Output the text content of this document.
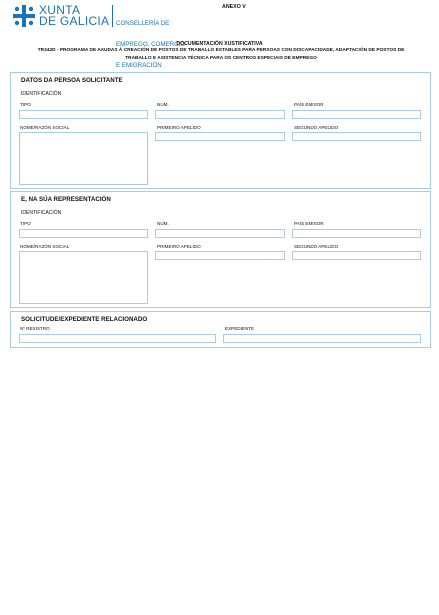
XUNTA
DE GALICIA

CONSELLERÍA DE

EMPREGO, COMERCIO

E EMIGRACIÓN

ANEXO V
DOCUMENTACIÓN XUSTIFICATIVA
TR342D - PROGRAMA DE AXUDAS Á CREACIÓN DE POSTOS DE TRABALLO ESTABLES PARA PERSOAS CON DISCAPACIDADE, ADAPTACIÓN DE POSTOS DE
TRABALLO E ASISTENCIA TÉCNICA PARA OS CENTROS ESPECIAIS DE EMPREGO
DATOS DA PERSOA SOLICITANTE
IDENTIFICACIÓN
TIPO	NÚM.	PAÍS EMISOR
NOME/RAZÓN SOCIAL	PRIMEIRO APELIDO	SEGUNDO APELIDO
E, NA SÚA REPRESENTACIÓN
IDENTIFICACIÓN
TIPO	NÚM.	PAÍS EMISOR
NOME/RAZÓN SOCIAL	PRIMEIRO APELIDO	SEGUNDO APELIDO
SOLICITUDE/EXPEDIENTE RELACIONADO
Nº REXISTRO	EXPEDIENTE
